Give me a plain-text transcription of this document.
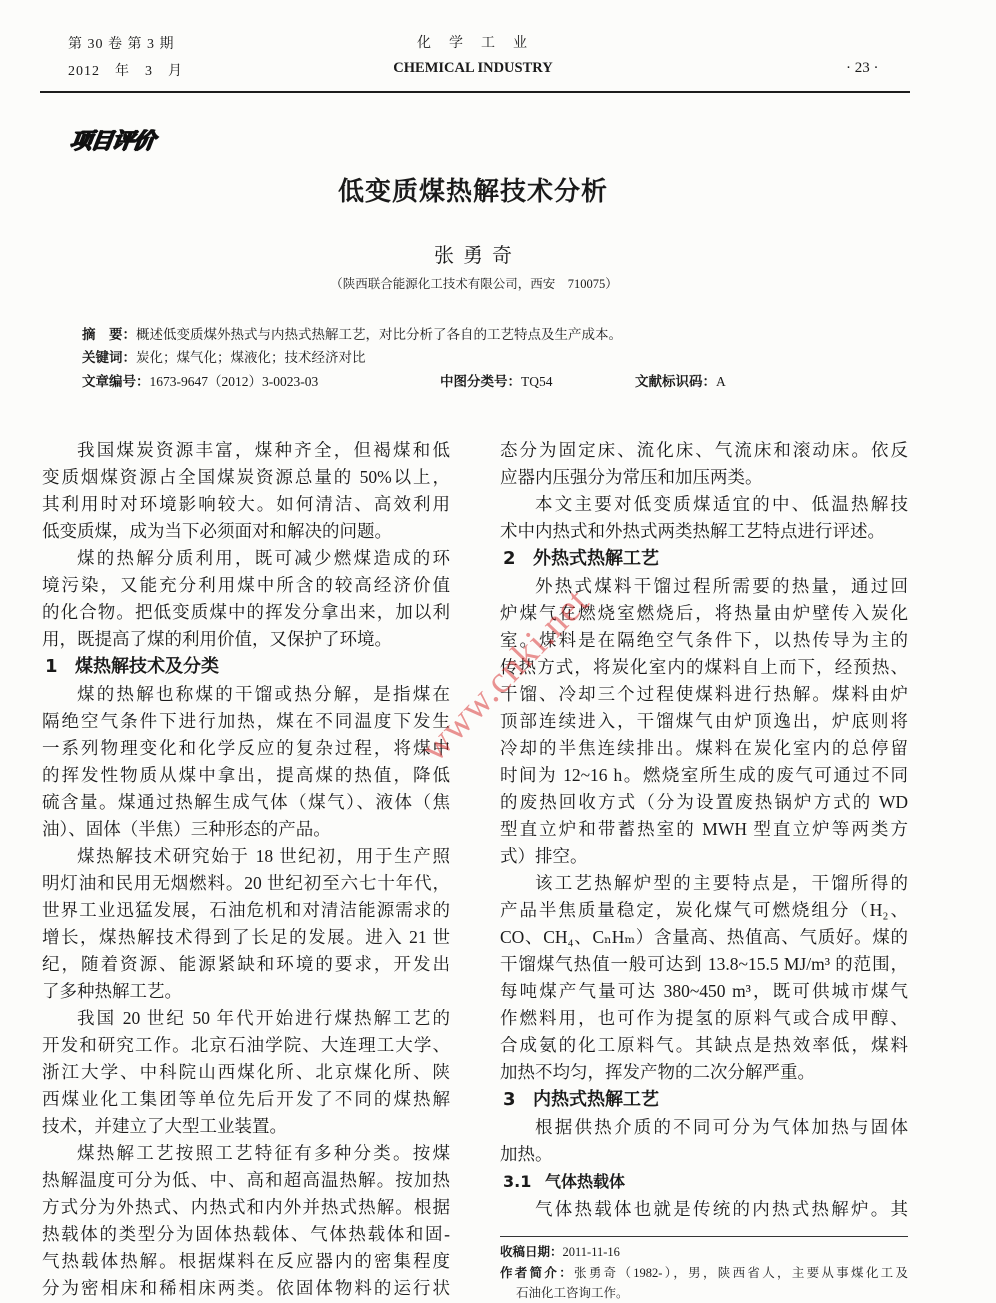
第 30 卷 第 3 期
2012　年　3　月
化　学　工　业
CHEMICAL INDUSTRY	· 23 ·
项目评价
低变质煤热解技术分析
张勇奇
（陕西联合能源化工技术有限公司，西安　710075）
摘　要：概述低变质煤外热式与内热式热解工艺，对比分析了各自的工艺特点及生产成本。
关键词：炭化；煤气化；煤液化；技术经济对比
文章编号：1673-9647（2012）3-0023-03	中图分类号：TQ54	文献标识码：A
我国煤炭资源丰富，煤种齐全，但褐煤和低
变质烟煤资源占全国煤炭资源总量的 50%以上，
其利用时对环境影响较大。如何清洁、高效利用
低变质煤，成为当下必须面对和解决的问题。
煤的热解分质利用，既可减少燃煤造成的环
境污染，又能充分利用煤中所含的较高经济价值
的化合物。把低变质煤中的挥发分拿出来，加以利
用，既提高了煤的利用价值，又保护了环境。
1 煤热解技术及分类
煤的热解也称煤的干馏或热分解，是指煤在
隔绝空气条件下进行加热，煤在不同温度下发生
一系列物理变化和化学反应的复杂过程，将煤中
的挥发性物质从煤中拿出，提高煤的热值，降低
硫含量。煤通过热解生成气体（煤气）、液体（焦
油）、固体（半焦）三种形态的产品。
煤热解技术研究始于 18 世纪初，用于生产照
明灯油和民用无烟燃料。20 世纪初至六七十年代，
世界工业迅猛发展，石油危机和对清洁能源需求的
增长，煤热解技术得到了长足的发展。进入 21 世
纪，随着资源、能源紧缺和环境的要求，开发出
了多种热解工艺。
我国 20 世纪 50 年代开始进行煤热解工艺的
开发和研究工作。北京石油学院、大连理工大学、
浙江大学、中科院山西煤化所、北京煤化所、陕
西煤业化工集团等单位先后开发了不同的煤热解
技术，并建立了大型工业装置。
煤热解工艺按照工艺特征有多种分类。按煤
热解温度可分为低、中、高和超高温热解。按加热
方式分为外热式、内热式和内外并热式热解。根据
热载体的类型分为固体热载体、气体热载体和固-
气热载体热解。根据煤料在反应器内的密集程度
分为密相床和稀相床两类。依固体物料的运行状
态分为固定床、流化床、气流床和滚动床。依反
应器内压强分为常压和加压两类。
本文主要对低变质煤适宜的中、低温热解技
术中内热式和外热式两类热解工艺特点进行评述。
2 外热式热解工艺
外热式煤料干馏过程所需要的热量，通过回
炉煤气在燃烧室燃烧后，将热量由炉壁传入炭化
室。煤料是在隔绝空气条件下，以热传导为主的
传热方式，将炭化室内的煤料自上而下，经预热、
干馏、冷却三个过程使煤料进行热解。煤料由炉
顶部连续进入，干馏煤气由炉顶逸出，炉底则将
冷却的半焦连续排出。煤料在炭化室内的总停留
时间为 12~16 h。燃烧室所生成的废气可通过不同
的废热回收方式（分为设置废热锅炉方式的 WD
型直立炉和带蓄热室的 MWH 型直立炉等两类方
式）排空。
该工艺热解炉型的主要特点是，干馏所得的
产品半焦质量稳定，炭化煤气可燃烧组分（H₂、
CO、CH₄、CₙHₘ）含量高、热值高、气质好。煤的
干馏煤气热值一般可达到 13.8~15.5 MJ/m³ 的范围，
每吨煤产气量可达 380~450 m³，既可供城市煤气
作燃料用，也可作为提氢的原料气或合成甲醇、
合成氨的化工原料气。其缺点是热效率低，煤料
加热不均匀，挥发产物的二次分解严重。
3 内热式热解工艺
根据供热介质的不同可分为气体加热与固体
加热。
3.1 气体热载体
气体热载体也就是传统的内热式热解炉。其
收稿日期：2011-11-16
作者简介：张勇奇（1982-），男，陕西省人，主要从事煤化工及
石油化工咨询工作。
www.cnki.net
